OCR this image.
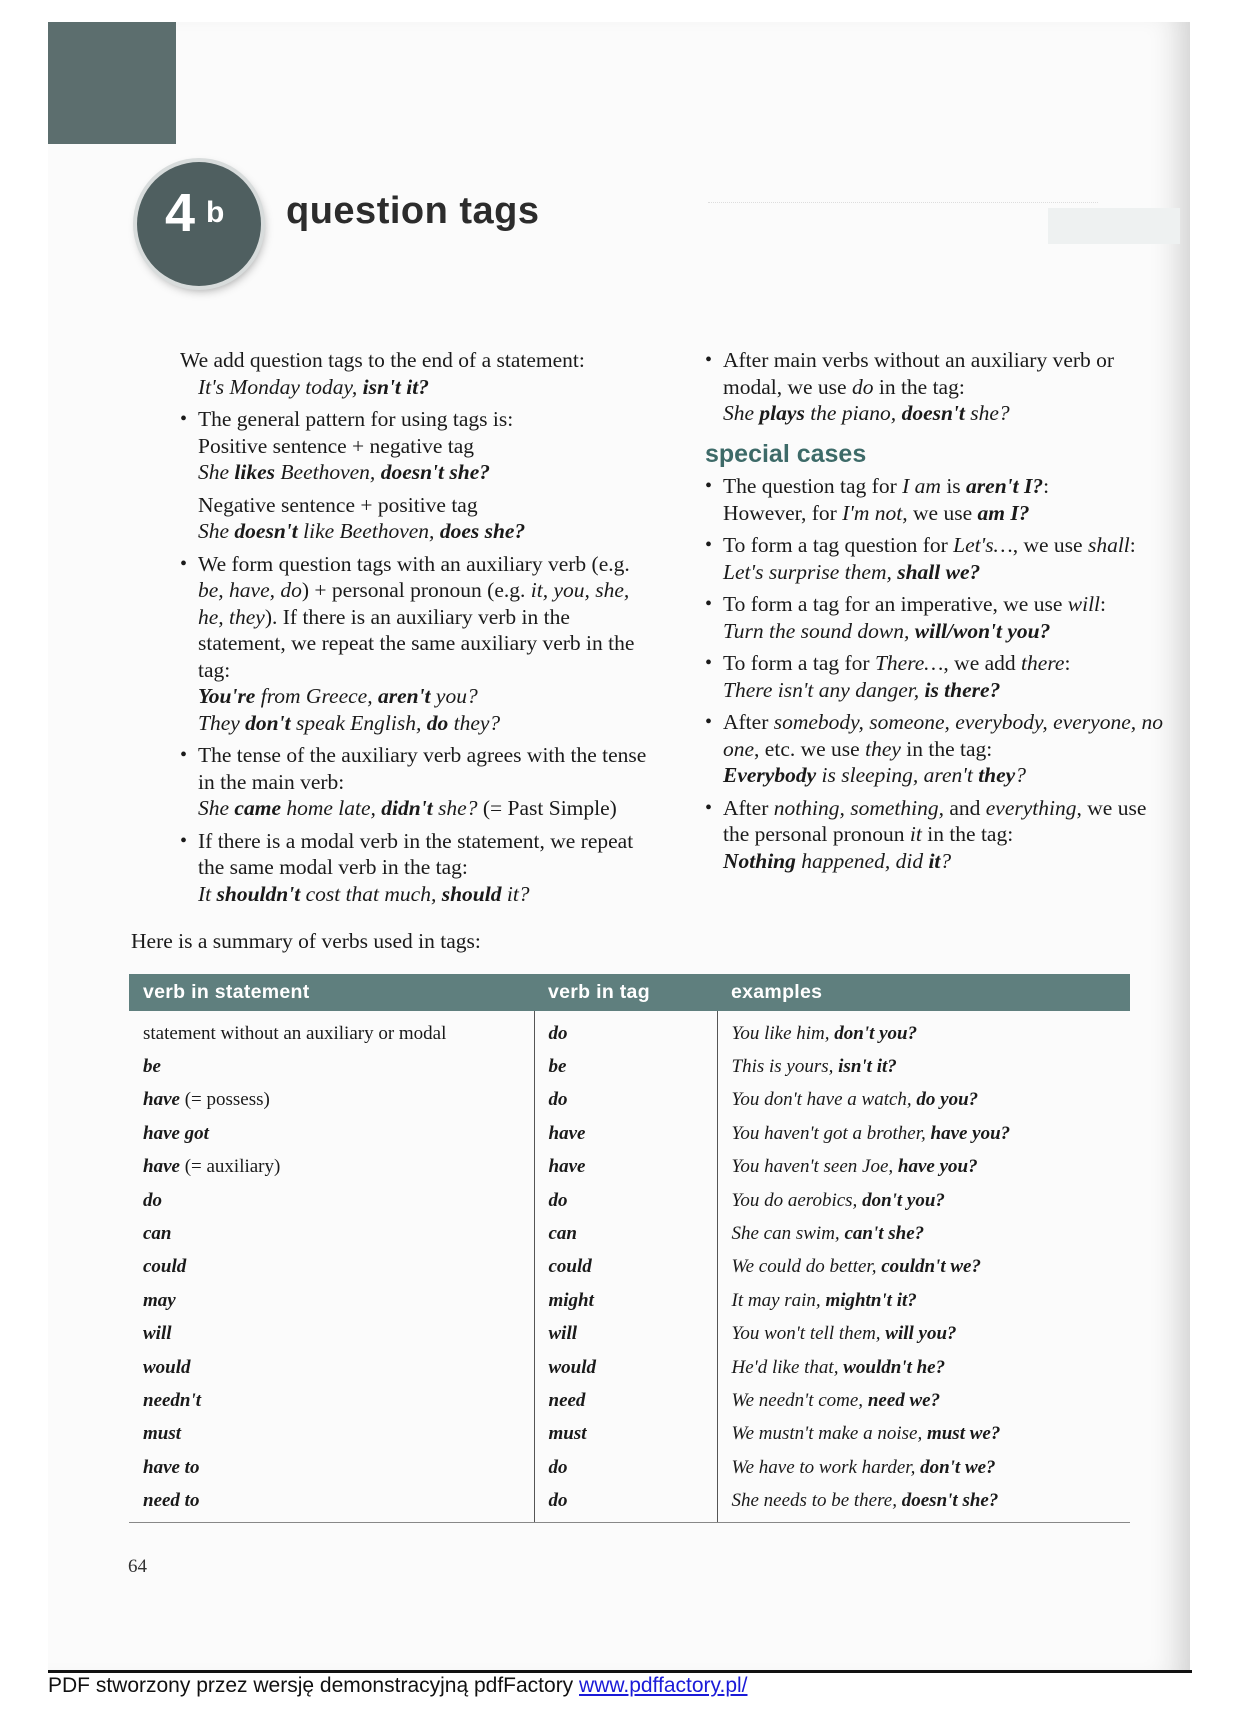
4 b question tags

We add question tags to the end of a statement:

It's Monday today, isn't it?

• The general pattern for using tags is:

Positive sentence + negative tag

She likes Beethoven, doesn't she?

Negative sentence + positive tag

She doesn't like Beethoven, does she?

• We form question tags with an auxiliary verb (e.g. be, have, do) + personal pronoun (e.g. it, you, she, he, they). If there is an auxiliary verb in the statement, we repeat the same auxiliary verb in the tag:

You're from Greece, aren't you?

They don't speak English, do they?

• The tense of the auxiliary verb agrees with the tense in the main verb:

She came home late, didn't she? (= Past Simple)

• If there is a modal verb in the statement, we repeat the same modal verb in the tag:

It shouldn't cost that much, should it?

• After main verbs without an auxiliary verb or modal, we use do in the tag:

She plays the piano, doesn't she?

special cases

• The question tag for I am is aren't I?:

However, for I'm not, we use am I?

• To form a tag question for Let's…, we use shall:

Let's surprise them, shall we?

• To form a tag for an imperative, we use will:

Turn the sound down, will/won't you?

• To form a tag for There…, we add there:

There isn't any danger, is there?

• After somebody, someone, everybody, everyone, no one, etc. we use they in the tag:

Everybody is sleeping, aren't they?

• After nothing, something, and everything, we use the personal pronoun it in the tag:

Nothing happened, did it?

Here is a summary of verbs used in tags:
verb in statement	verb in tag	examples
statement without an auxiliary or modal	do	You like him, don't you?
be	be	This is yours, isn't it?
have (= possess)	do	You don't have a watch, do you?
have got	have	You haven't got a brother, have you?
have (= auxiliary)	have	You haven't seen Joe, have you?
do	do	You do aerobics, don't you?
can	can	She can swim, can't she?
could	could	We could do better, couldn't we?
may	might	It may rain, mightn't it?
will	will	You won't tell them, will you?
would	would	He'd like that, wouldn't he?
needn't	need	We needn't come, need we?
must	must	We mustn't make a noise, must we?
have to	do	We have to work harder, don't we?
need to	do	She needs to be there, doesn't she?
64
PDF stworzony przez wersję demonstracyjną pdfFactory www.pdffactory.pl/
